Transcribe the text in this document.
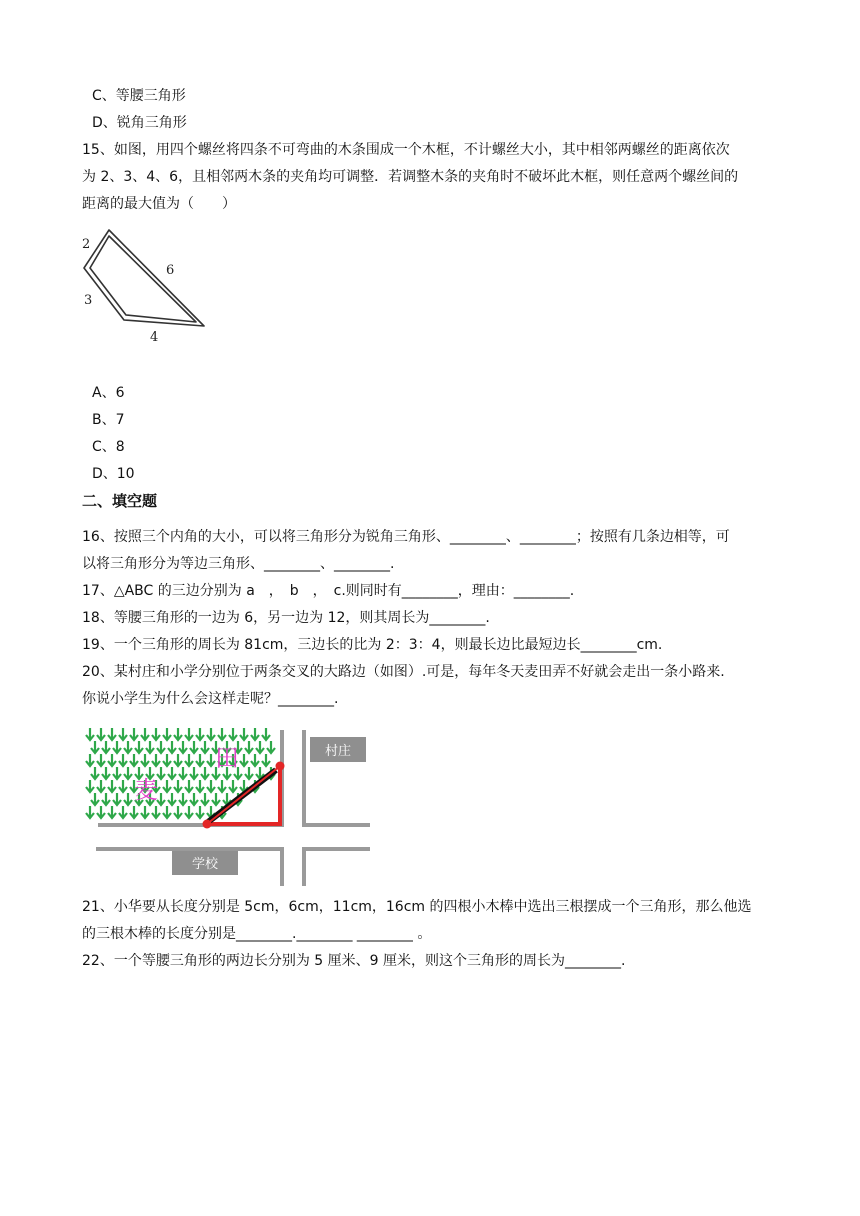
C、等腰三角形
D、锐角三角形
15、如图，用四个螺丝将四条不可弯曲的木条围成一个木框，不计螺丝大小，其中相邻两螺丝的距离依次
为 2、3、4、6，且相邻两木条的夹角均可调整．若调整木条的夹角时不破坏此木框，则任意两个螺丝间的
距离的最大值为（　　）
2
3
4
6
A、6
B、7
C、8
D、10
二、填空题
16、按照三个内角的大小，可以将三角形分为锐角三角形、________、________；按照有几条边相等，可
以将三角形分为等边三角形、________、________.
17、△ABC 的三边分别为 a　，　b　，　c.则同时有________，理由：________.
18、等腰三角形的一边为 6，另一边为 12，则其周长为________.
19、一个三角形的周长为 81cm，三边长的比为 2：3：4，则最长边比最短边长________cm.
20、某村庄和小学分别位于两条交叉的大路边（如图）.可是，每年冬天麦田弄不好就会走出一条小路来.
你说小学生为什么会这样走呢？________.
村庄
学校
田
麦
21、小华要从长度分别是 5cm，6cm，11cm，16cm 的四根小木棒中选出三根摆成一个三角形，那么他选
的三根木棒的长度分别是________.________ ________ 。
22、一个等腰三角形的两边长分别为 5 厘米、9 厘米，则这个三角形的周长为________.
